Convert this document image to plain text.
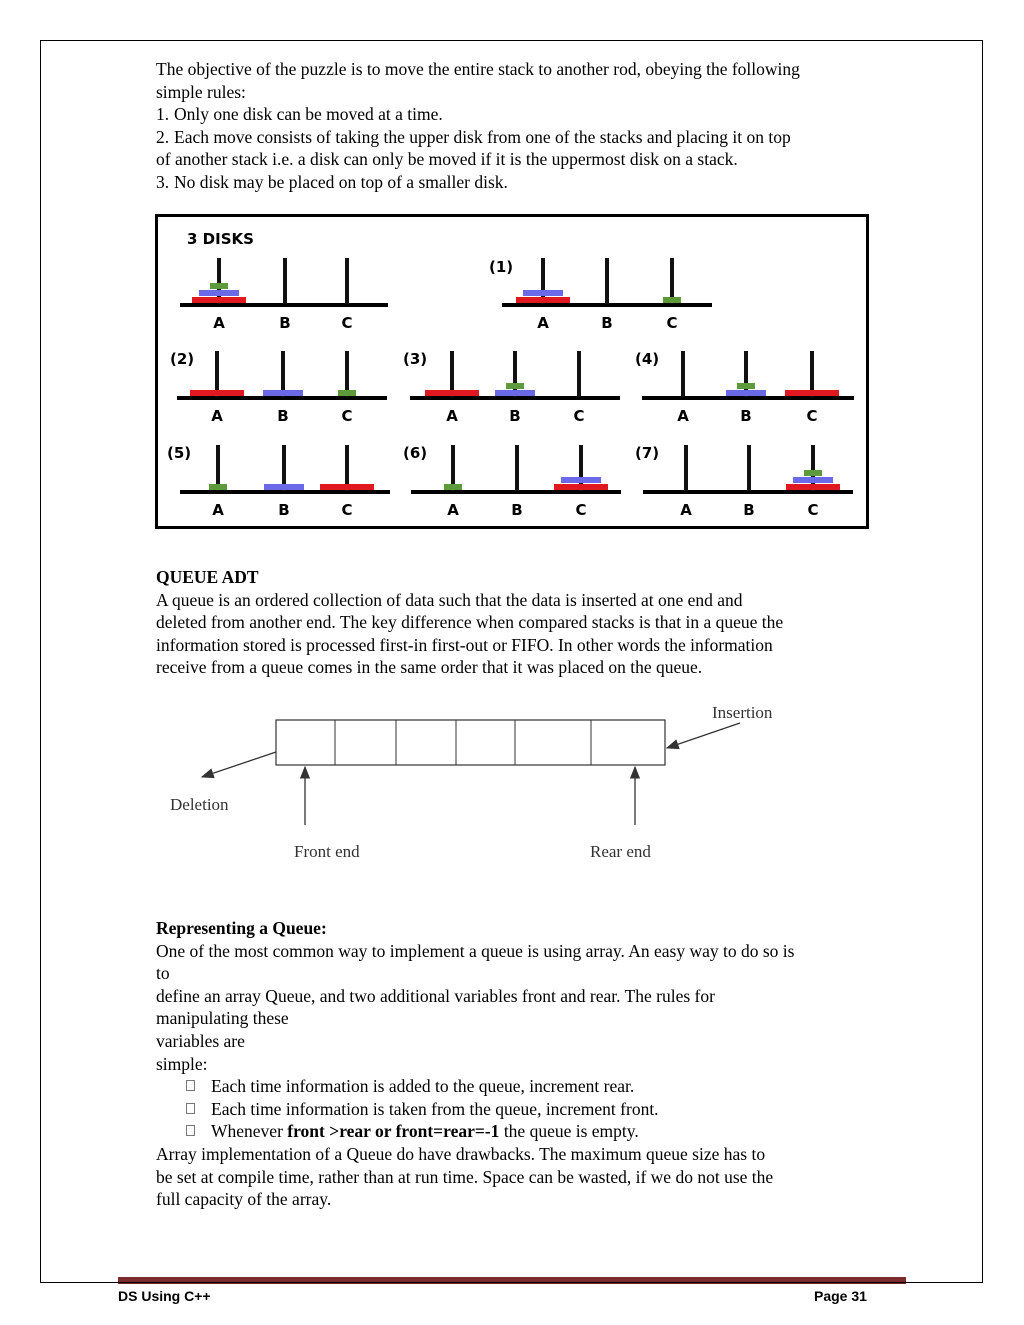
The objective of the puzzle is to move the entire stack to another rod, obeying the following

simple rules:

1. Only one disk can be moved at a time.
2. Each move consists of taking the upper disk from one of the stacks and placing it on top

of another stack i.e. a disk can only be moved if it is the uppermost disk on a stack.

3. No disk may be placed on top of a smaller disk.
3 DISKS
A	B	C
(1)
A	B	C
(2)
A	B	C
(3)
A	B	C
(4)
A	B	C
(5)
A	B	C
(6)
A	B	C
(7)
A	B	C

QUEUE ADT

A queue is an ordered collection of data such that the data is inserted at one end and

deleted from another end. The key difference when compared stacks is that in a queue the

information stored is processed first-in first-out or FIFO. In other words the information

receive from a queue comes in the same order that it was placed on the queue.

Insertion
Deletion
Front end	Rear end

Representing a Queue:

One of the most common way to implement a queue is using array. An easy way to do so is

to

define an array Queue, and two additional variables front and rear. The rules for

manipulating these

variables are

simple:

Each time information is added to the queue, increment rear.
Each time information is taken from the queue, increment front.
Whenever front >rear or front=rear=-1 the queue is empty.

Array implementation of a Queue do have drawbacks. The maximum queue size has to

be set at compile time, rather than at run time. Space can be wasted, if we do not use the

full capacity of the array.

DS Using C++	Page 31
